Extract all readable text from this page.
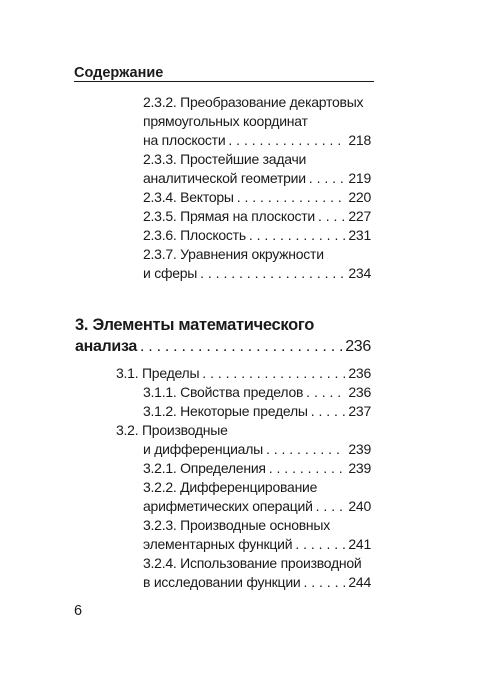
Содержание
2.3.2. Преобразование декартовых
прямоугольных координат
на плоскости . . .	218
2.3.3. Простейшие задачи
аналитической геометрии . . .	219
2.3.4. Векторы . . .	220
2.3.5. Прямая на плоскости . . . 227
2.3.6. Плоскость . . .	231
2.3.7. Уравнения окружности
и сферы . . .	234
3. Элементы математического
анализа . . .	236
3.1. Пределы . . .	236
3.1.1. Свойства пределов . . .	236
3.1.2. Некоторые пределы . . .	237
3.2. Производные
и дифференциалы . . .	239
3.2.1. Определения . . .	239
3.2.2. Дифференцирование
арифметических операций . . .	240
3.2.3. Производные основных
элементарных функций . . .	241
3.2.4. Использование производной
в исследовании функции . . .	244
6
